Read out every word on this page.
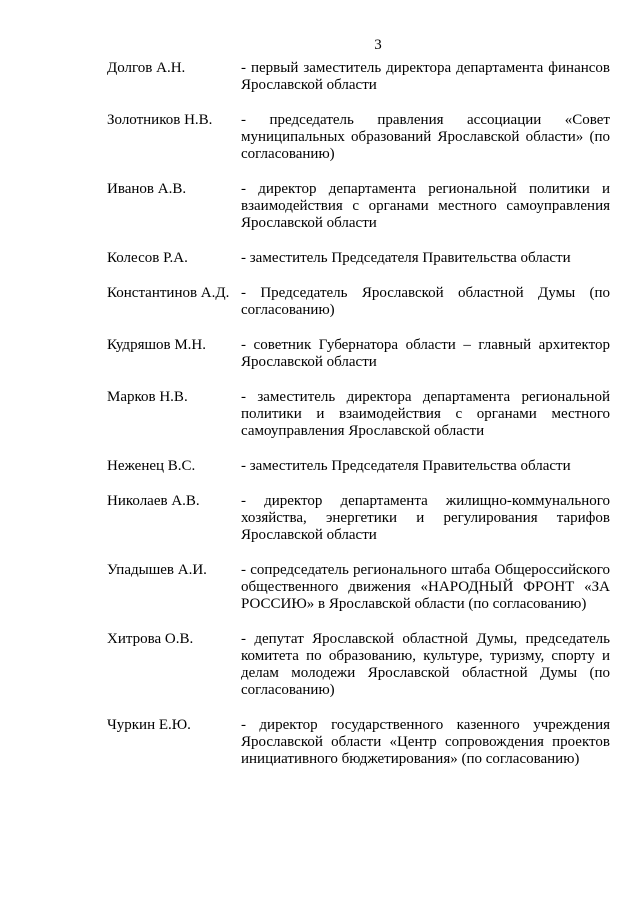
3
Долгов А.Н.	- первый заместитель директора департамента финансов Ярославской области
Золотников Н.В.	- председатель правления ассоциации «Совет муниципальных образований Ярославской области» (по согласованию)
Иванов А.В.	- директор департамента региональной политики и взаимодействия с органами местного самоуправления Ярославской области
Колесов Р.А.	- заместитель Председателя Правительства области
Константинов А.Д. - Председатель Ярославской областной Думы (по согласованию)
Кудряшов М.Н.	- советник Губернатора области – главный архитектор Ярославской области
Марков Н.В.	- заместитель директора департамента региональной политики и взаимодействия с органами местного самоуправления Ярославской области
Неженец В.С.	- заместитель Председателя Правительства области
Николаев А.В.	- директор департамента жилищно-коммунального хозяйства, энергетики и регулирования тарифов Ярославской области
Упадышев А.И.	- сопредседатель регионального штаба Общероссийского общественного движения «НАРОДНЫЙ ФРОНТ «ЗА РОССИЮ» в Ярославской области (по согласованию)
Хитрова О.В.	- депутат Ярославской областной Думы, председатель комитета по образованию, культуре, туризму, спорту и делам молодежи Ярославской областной Думы (по согласованию)
Чуркин Е.Ю.	- директор государственного казенного учреждения Ярославской области «Центр сопровождения проектов инициативного бюджетирования» (по согласованию)
